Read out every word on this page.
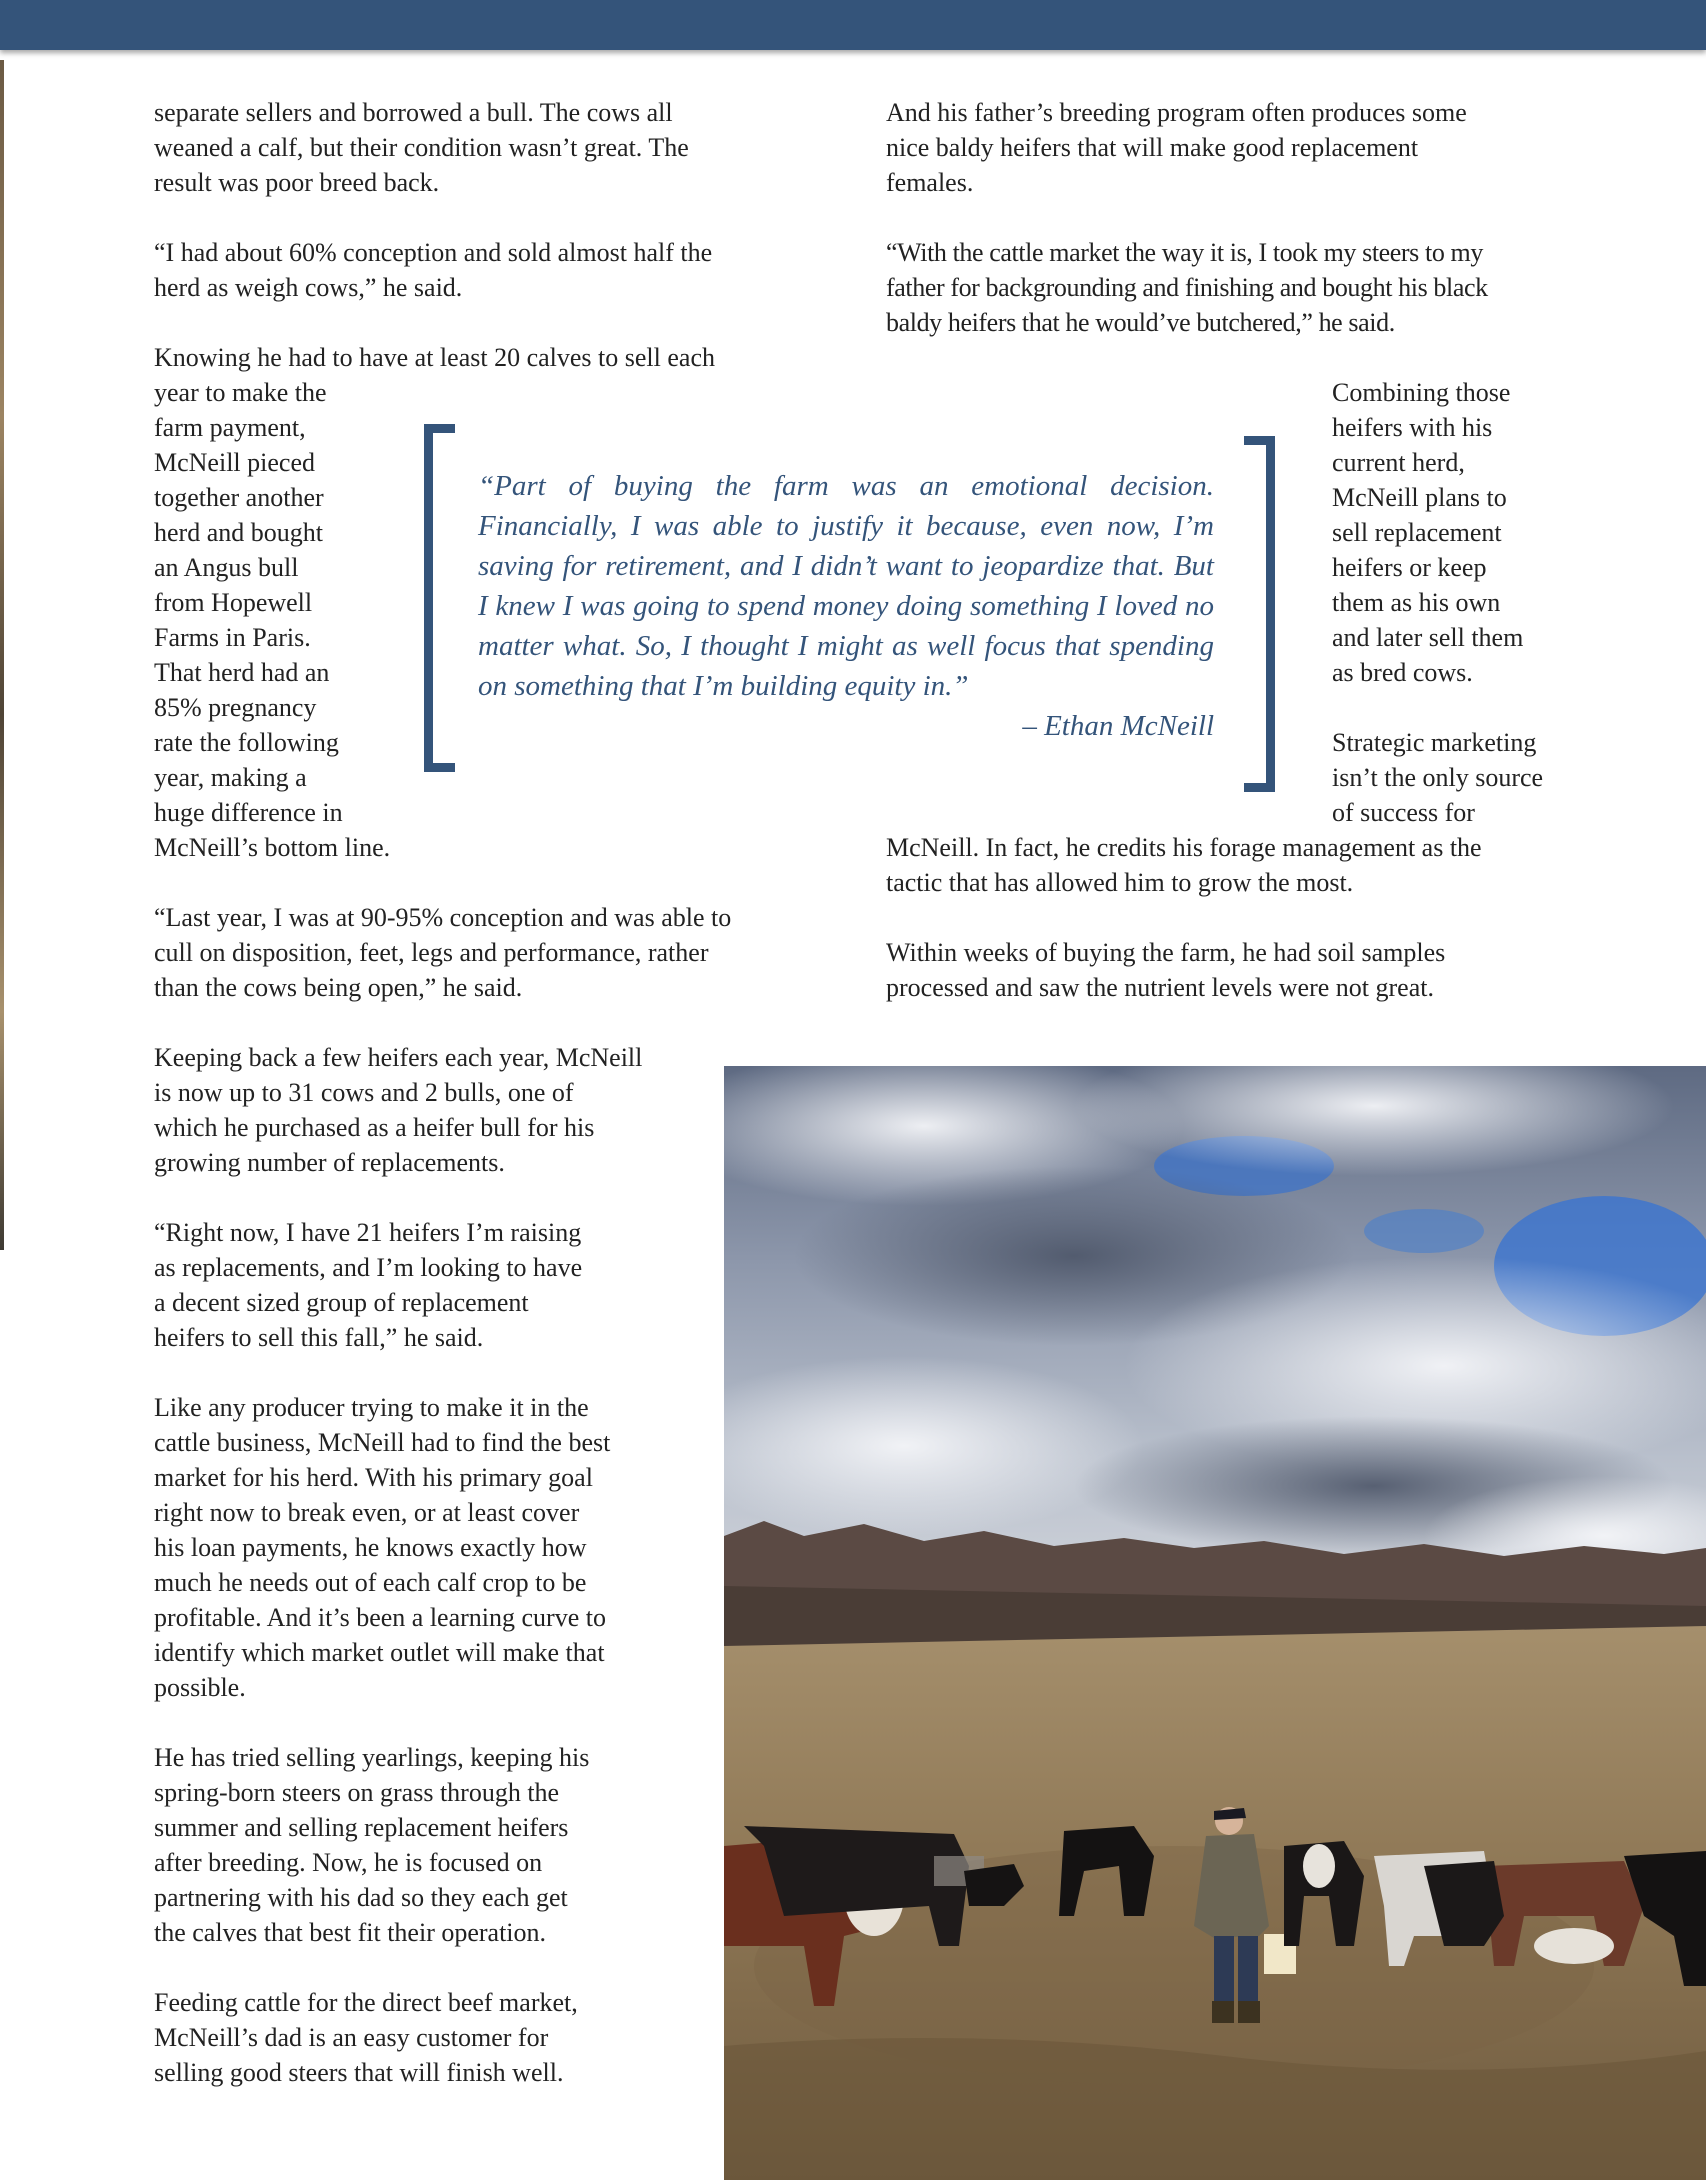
separate sellers and borrowed a bull. The cows all
weaned a calf, but their condition wasn’t great. The
result was poor breed back.

“I had about 60% conception and sold almost half the
herd as weigh cows,” he said.

Knowing he had to have at least 20 calves to sell each
year to make the
farm payment,
McNeill pieced
together another
herd and bought
an Angus bull
from Hopewell
Farms in Paris.
That herd had an
85% pregnancy
rate the following
year, making a
huge difference in
McNeill’s bottom line.

“Last year, I was at 90-95% conception and was able to
cull on disposition, feet, legs and performance, rather
than the cows being open,” he said.

Keeping back a few heifers each year, McNeill
is now up to 31 cows and 2 bulls, one of
which he purchased as a heifer bull for his
growing number of replacements.

“Right now, I have 21 heifers I’m raising
as replacements, and I’m looking to have
a decent sized group of replacement
heifers to sell this fall,” he said.

Like any producer trying to make it in the
cattle business, McNeill had to find the best
market for his herd. With his primary goal
right now to break even, or at least cover
his loan payments, he knows exactly how
much he needs out of each calf crop to be
profitable. And it’s been a learning curve to
identify which market outlet will make that
possible.

He has tried selling yearlings, keeping his
spring-born steers on grass through the
summer and selling replacement heifers
after breeding. Now, he is focused on
partnering with his dad so they each get
the calves that best fit their operation.

Feeding cattle for the direct beef market,
McNeill’s dad is an easy customer for
selling good steers that will finish well.

And his father’s breeding program often produces some
nice baldy heifers that will make good replacement
females.

“With the cattle market the way it is, I took my steers to my
father for backgrounding and finishing and bought his black
baldy heifers that he would’ve butchered,” he said.

Combining those
heifers with his
current herd,
McNeill plans to
sell replacement
heifers or keep
them as his own
and later sell them
as bred cows.

Strategic marketing
isn’t the only source
of success for

McNeill. In fact, he credits his forage management as the
tactic that has allowed him to grow the most.

Within weeks of buying the farm, he had soil samples
processed and saw the nutrient levels were not great.

“Part of buying the farm was an emotional decision.
Financially, I was able to justify it because, even now, I’m
saving for retirement, and I didn’t want to jeopardize that. But
I knew I was going to spend money doing something I loved no
matter what. So, I thought I might as well focus that spending
on something that I’m building equity in.”

– Ethan McNeill
